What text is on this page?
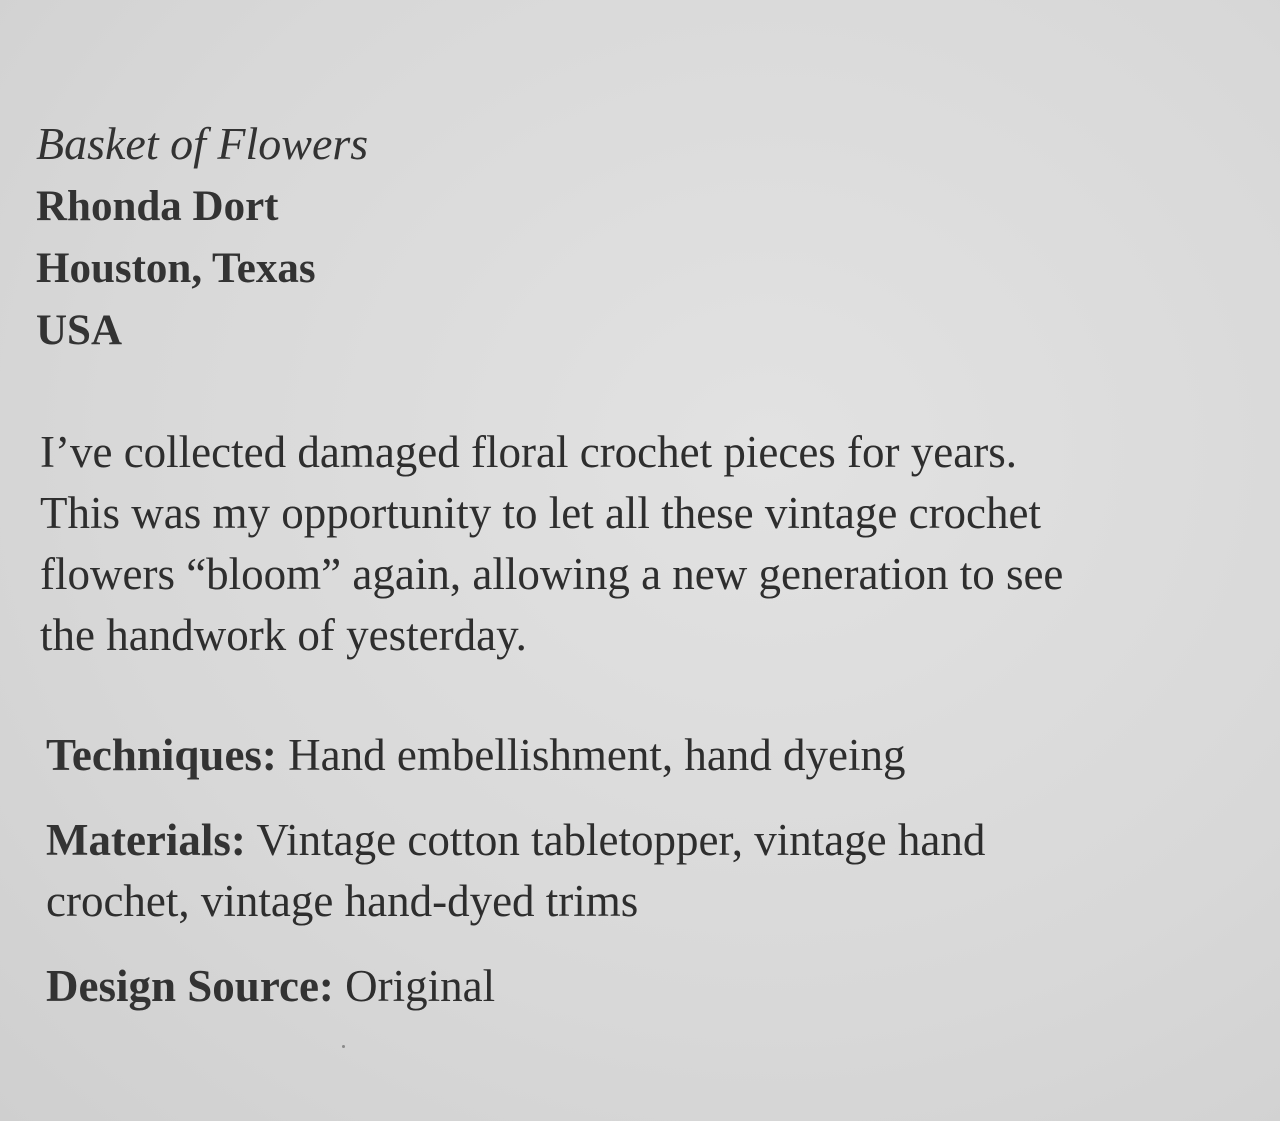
Basket of Flowers

Rhonda Dort

Houston, Texas

USA

I’ve collected damaged floral crochet pieces for years.
This was my opportunity to let all these vintage crochet
flowers “bloom” again, allowing a new generation to see
the handwork of yesterday.
Techniques: Hand embellishment, hand dyeing
Materials: Vintage cotton tabletopper, vintage hand
crochet, vintage hand-dyed trims
Design Source: Original
